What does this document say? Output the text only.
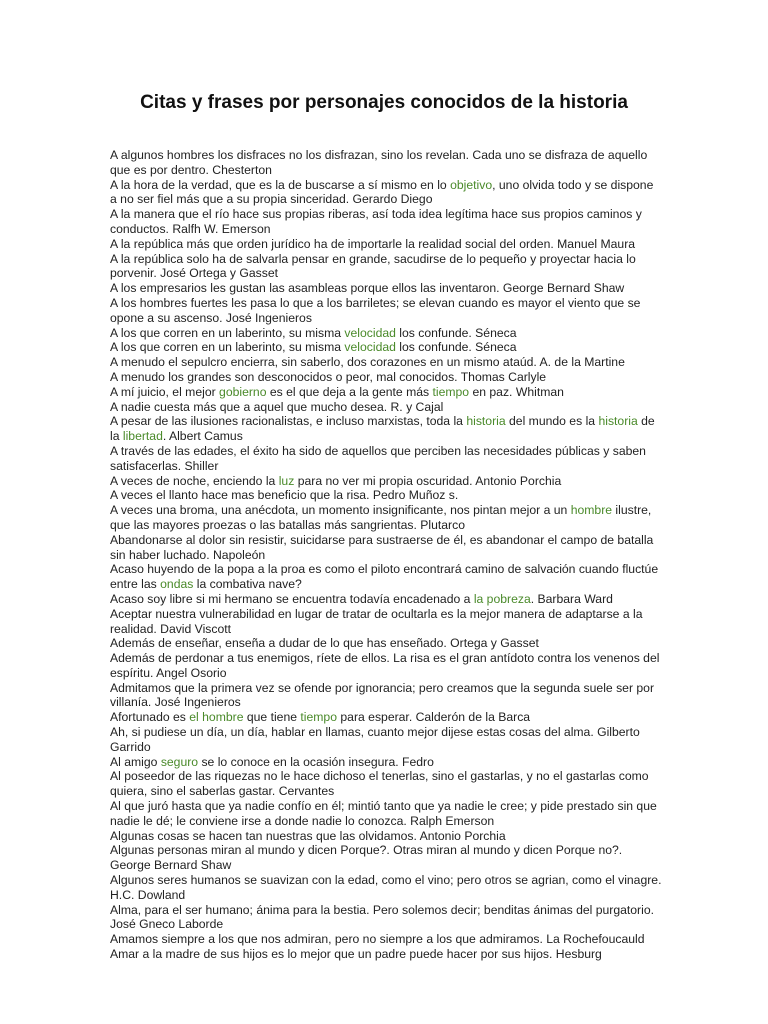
Citas y frases por personajes conocidos de la historia

A algunos hombres los disfraces no los disfrazan, sino los revelan. Cada uno se disfraza de aquello que es por dentro. Chesterton

A la hora de la verdad, que es la de buscarse a sí mismo en lo objetivo, uno olvida todo y se dispone a no ser fiel más que a su propia sinceridad. Gerardo Diego

A la manera que el río hace sus propias riberas, así toda idea legítima hace sus propios caminos y conductos. Ralfh W. Emerson

A la república más que orden jurídico ha de importarle la realidad social del orden. Manuel Maura

A la república solo ha de salvarla pensar en grande, sacudirse de lo pequeño y proyectar hacia lo porvenir. José Ortega y Gasset

A los empresarios les gustan las asambleas porque ellos las inventaron. George Bernard Shaw

A los hombres fuertes les pasa lo que a los barriletes; se elevan cuando es mayor el viento que se opone a su ascenso. José Ingenieros

A los que corren en un laberinto, su misma velocidad los confunde. Séneca

A los que corren en un laberinto, su misma velocidad los confunde. Séneca

A menudo el sepulcro encierra, sin saberlo, dos corazones en un mismo ataúd. A. de la Martine

A menudo los grandes son desconocidos o peor, mal conocidos. Thomas Carlyle

A mí juicio, el mejor gobierno es el que deja a la gente más tiempo en paz. Whitman

A nadie cuesta más que a aquel que mucho desea. R. y Cajal

A pesar de las ilusiones racionalistas, e incluso marxistas, toda la historia del mundo es la historia de la libertad. Albert Camus

A través de las edades, el éxito ha sido de aquellos que perciben las necesidades públicas y saben satisfacerlas. Shiller

A veces de noche, enciendo la luz para no ver mi propia oscuridad. Antonio Porchia

A veces el llanto hace mas beneficio que la risa. Pedro Muñoz s.

A veces una broma, una anécdota, un momento insignificante, nos pintan mejor a un hombre ilustre, que las mayores proezas o las batallas más sangrientas. Plutarco

Abandonarse al dolor sin resistir, suicidarse para sustraerse de él, es abandonar el campo de batalla sin haber luchado. Napoleón

Acaso huyendo de la popa a la proa es como el piloto encontrará camino de salvación cuando fluctúe entre las ondas la combativa nave?

Acaso soy libre si mi hermano se encuentra todavía encadenado a la pobreza. Barbara Ward

Aceptar nuestra vulnerabilidad en lugar de tratar de ocultarla es la mejor manera de adaptarse a la realidad. David Viscott

Además de enseñar, enseña a dudar de lo que has enseñado. Ortega y Gasset

Además de perdonar a tus enemigos, ríete de ellos. La risa es el gran antídoto contra los venenos del espíritu. Angel Osorio

Admitamos que la primera vez se ofende por ignorancia; pero creamos que la segunda suele ser por villanía. José Ingenieros

Afortunado es el hombre que tiene tiempo para esperar. Calderón de la Barca

Ah, si pudiese un día, un día, hablar en llamas, cuanto mejor dijese estas cosas del alma. Gilberto Garrido

Al amigo seguro se lo conoce en la ocasión insegura. Fedro

Al poseedor de las riquezas no le hace dichoso el tenerlas, sino el gastarlas, y no el gastarlas como quiera, sino el saberlas gastar. Cervantes

Al que juró hasta que ya nadie confío en él; mintió tanto que ya nadie le cree; y pide prestado sin que nadie le dé; le conviene irse a donde nadie lo conozca. Ralph Emerson

Algunas cosas se hacen tan nuestras que las olvidamos. Antonio Porchia

Algunas personas miran al mundo y dicen Porque?. Otras miran al mundo y dicen Porque no?. George Bernard Shaw

Algunos seres humanos se suavizan con la edad, como el vino; pero otros se agrian, como el vinagre. H.C. Dowland

Alma, para el ser humano; ánima para la bestia. Pero solemos decir; benditas ánimas del purgatorio. José Gneco Laborde

Amamos siempre a los que nos admiran, pero no siempre a los que admiramos. La Rochefoucauld

Amar a la madre de sus hijos es lo mejor que un padre puede hacer por sus hijos. Hesburg
